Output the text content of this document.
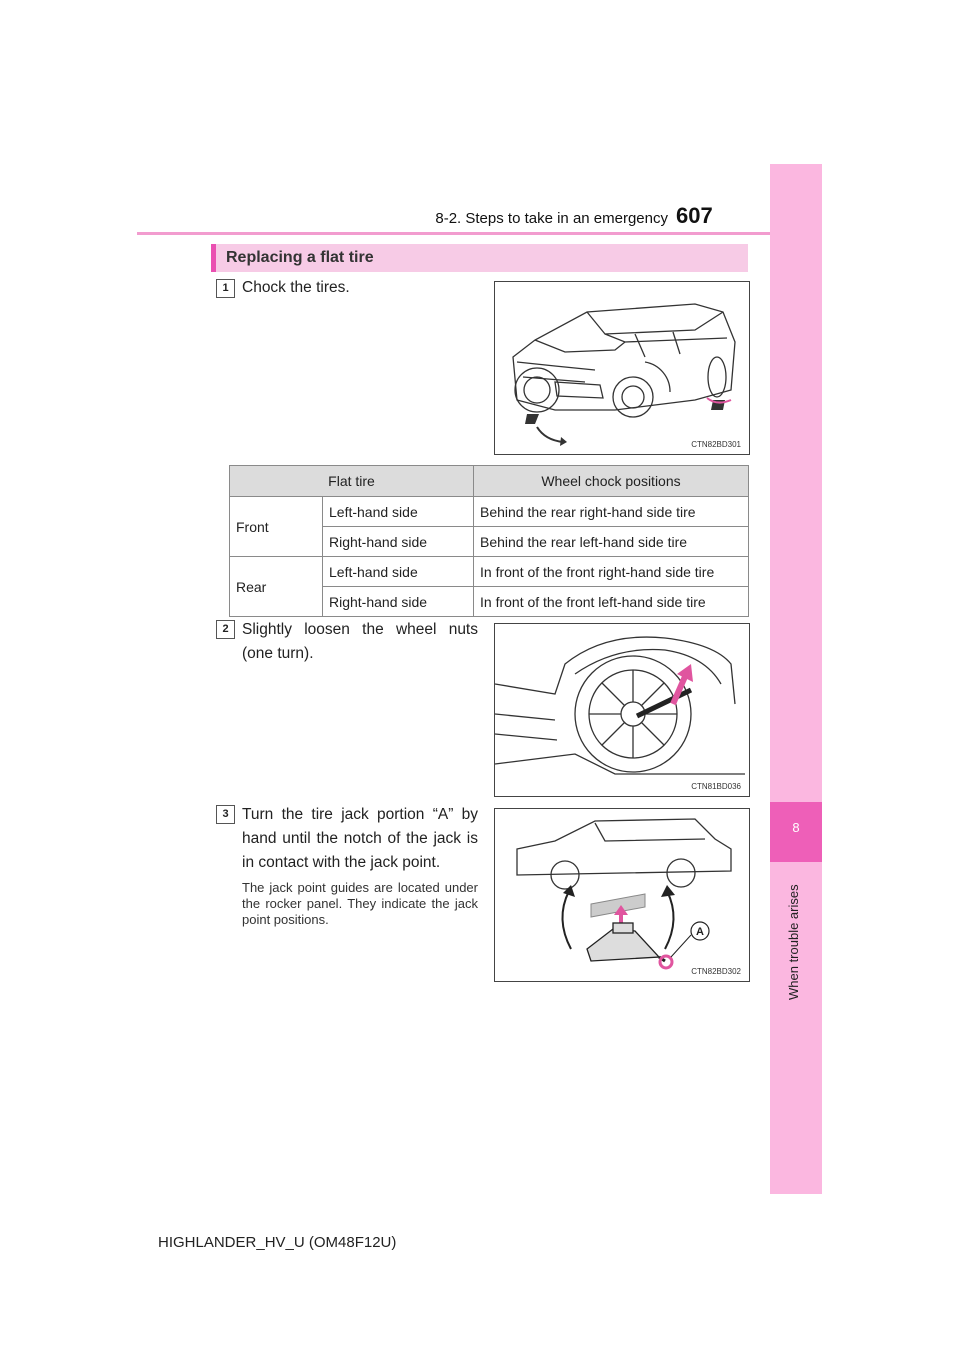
8-2. Steps to take in an emergency 607
8
When trouble arises
Replacing a flat tire
1 Chock the tires.
CTN82BD301
Flat tire		Wheel chock positions
Front	Left-hand side	Behind the rear right-hand side tire
	Right-hand side	Behind the rear left-hand side tire
Rear	Left-hand side	In front of the front right-hand side tire
	Right-hand side	In front of the front left-hand side tire
2 Slightly loosen the wheel nuts (one turn).
CTN81BD036
3 Turn the tire jack portion “A” by hand until the notch of the jack is in contact with the jack point.
The jack point guides are located under the rocker panel. They indicate the jack point positions.
A
CTN82BD302
HIGHLANDER_HV_U (OM48F12U)
